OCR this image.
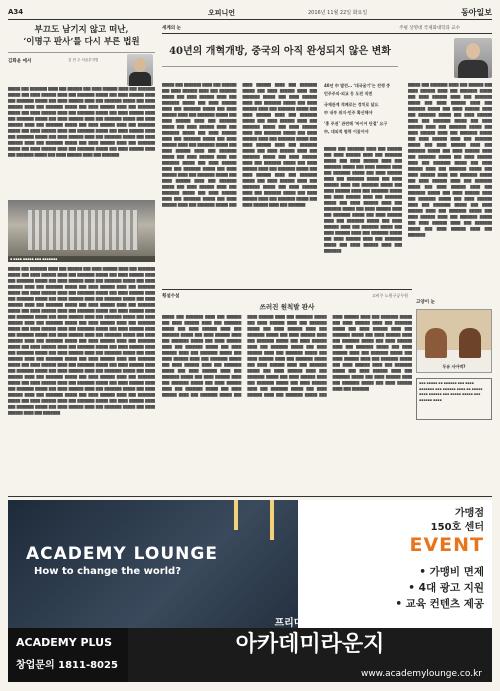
A34	오피니언	2016년 11월 22일 화요일	동아일보
부끄도 남기지 않고 떠난,
‘이명구 판사’를 다시 부른 법원
김화윤 에서	김 현 주 서울부지법
█████ ███ ███████ ████ ███ ██████ ███ ████ ██████ ████ ███ ███████ █████ ███ ████ ██████ ████ ███ ███████ █████ ███ ████ ██████ ████ ███ ███████ █████ ███ ████ ██████ ████ ███ ███████ █████ ███ ████ ██████ ████ ███ ███████ █████ ███ ████ ██████ ████ ███ ███████ █████ ███ ████ ██████ ████ ███ ███████ █████ ███ ████ ██████ ████ ███ ███████ █████ ███ ████ ██████ ████ ███ ███████ █████ ███ ████ ██████ ████ ███ ███████ █████ ███ ████ ██████ ████ ███ ███████ █████ ███ ████ ██████ ████ ███ ███████ █████ ███ ████ ██████ ████ ███ ███████ █████ ███ ████ ██████ ████ ███ ███████ █████ ███ ████ ██████ ████ ███ ███████ █████ ███ ████ ██████ ████ ███ ███████ █████ ███ ████ ██████ ████ ███ ███████ █████ ███ ████ ██████ ████ ███ ███████ █████ ███ ████ ██████ ████ ███ ███████
▪ ▪▪▪▪ ▪▪▪▪▪ ▪▪▪ ▪▪▪▪▪▪▪
█████ ███ ███████ ████ ███ ██████ ███ ████ ██████ ████ ███ ███████ █████ ███ ████ ██████ ████ ███ ███████ █████ ███ ████ ██████ ████ ███ ███████ █████ ███ ████ ██████ ████ ███ ███████ █████ ███ ████ ██████ ████ ███ ███████ █████ ███ ████ ██████ ████ ███ ███████ █████ ███ ████ ██████ ████ ███ ███████ █████ ███ ████ ██████ ████ ███ ███████ █████ ███ ████ ██████ ████ ███ ███████ █████ ███ ████ ██████ ████ ███ ███████ █████ ███ ████ ██████ ████ ███ ███████ █████ ███ ████ ██████ ████ ███ ███████ █████ ███ ████ ██████ ████ ███ ███████ █████ ███ ████ ██████ ████ ███ ███████ █████ ███ ████ ██████ ████ ███ ███████ █████ ███ ████ ██████ ████ ███ ███████ █████ ███ ████ ██████ ████ ███ ███████ █████ ███ ████ ██████ ████ ███ ███████ █████ ███ ████ ██████ ████ ███ ███████ █████ ███ ████ ██████ ████ ███ ███████ █████ ███ ████ ██████ ████ ███ ███████ █████ ███ ████ ██████ ████ ███ ███████ █████ ███ ████ ██████ ████ ███ ███████ █████ ███ ████ ██████ ████ ███ ███████ █████ ███ ████ ██████ ████ ███ ███████ █████ ███ ████ ██████ ████ ███ ███████ █████ ███ ████ ██████ ████ ███ ███████ █████ ███ ████ ██████ ████ ███ ███████ █████ ███ ████ ██████ ████ ███ ███████ █████ ███ ████ ██████ ████ ███ ███████ █████ ███ ████ ██████ ████ ███ ███████ █████ ███ ████ ██████ ████ ███ ███████ █████ ███ ████ ██████ ████ ███ ███████ █████ ███ ████ ██████ ████ ███ ███████ █████ ███ ████ ██████ ████ ███ ███████ █████ ███ ████ ██████ ████ ███ ███████ █████ ███ ████ ██████ ████ ███ ███████ █████ ███ ████ ██████ ████ ███ ███████ █████ ███ ████ ██████ ████ ███ ███████ █████ ███ ████ ██████ ████ ███ ███████
세계의 눈	주평 상명대 국제화대학과 교수
40년의 개혁개방, 중국의 아직 완성되지 않은 변화
█████ ███ ███████ ████ ███ ██████ ███ ████ ██████ ████ ███ ███████ █████ ███ ████ ██████ ████ ███ ███████ █████ ███ ████ ██████ ████ ███ ███████ █████ ███ ████ ██████ ████ ███ ███████ █████ ███ ████ ██████ ████ ███ ███████ █████ ███ ████ ██████ ████ ███ ███████ █████ ███ ████ ██████ ████ ███ ███████ █████ ███ ████ ██████ ████ ███ ███████ █████ ███ ████ ██████ ████ ███ ███████ █████ ███ ████ ██████ ████ ███ ███████ █████ ███ ████ ██████ ████ ███ ███████ █████ ███ ████ ██████ ████ ███ ███████ █████ ███ ████ ██████ ████ ███ ███████ █████ ███ ████ ██████ ████ ███ ███████ █████ ███ ████ ██████ ████ ███ ███████ █████ ███ ████ ██████ ████ ███ ███████ █████ ███ ████ ██████ ████ ███ ███████ █████ ███ ████ ██████ ████ ███ ███████ █████ ███ ████ ██████ ████ ███ ███████ █████ ███ ████ ██████ ████ ███ ███████ █████ ███ ████ ██████ ████ ███ ███████ █████ ███ ████ ██████ ████ ███ ███████ █████ ███ ████ ██████ ████ ███ ███████ █████ ███ ████ ██████ ████ ███ ███████ █████ ███ ████ ██████ ████ ███ ███████ █████ ███ ████ ██████ ████ ███ ███████ █████ ███ ████ ██████ ████ ███ ███████ █████ ███ ████ ██████ ████ ███ ███████ █████ ███ ████ ██████ ████ ███ ███████ █████ ███ ████ ██████ ████ ███ ███████ █████ ███ ████ ██████ ████ ███ ███████ █████ ███ ████ ██████ ████ ███ ███████ █████ ███ ████ ██████ ████ ███ ███████
40년 中 발전… ‘대국굴기’는 전쟁 중
민주주의·외교 등 도전 직면
국제관계 격폐로는 정치로 달요
中 내부 위지·민주 확산해야
‘홍 주권’ 관련해 ‘바이어 단결’ 요구
中, 대외적 협력 이끌어야
█████ ███ ███████ ████ ███ ██████ ███ ████ ██████ ████ ███ ███████ █████ ███ ████ ██████ ████ ███ ███████ █████ ███ ████ ██████ ████ ███ ███████ █████ ███ ████ ██████ ████ ███ ███████ █████ ███ ████ ██████ ████ ███ ███████ █████ ███ ████ ██████ ████ ███ ███████ █████ ███ ████ ██████ ████ ███ ███████ █████ ███ ████ ██████ ████ ███ ███████ █████ ███ ████ ██████ ████ ███ ███████ █████ ███ ████ ██████ ████ ███ ███████ █████ ███ ████ ██████ ████ ███ ███████ █████ ███ ████ ██████ ████ ███ ███████ █████ ███ ████ ██████ ████ ███ ███████ █████ ███ ████ ██████ ████ ███ ███████
█████ ███ ███████ ████ ███ ██████ ███ ████ ██████ ████ ███ ███████ █████ ███ ████ ██████ ████ ███ ███████ █████ ███ ████ ██████ ████ ███ ███████ █████ ███ ████ ██████ ████ ███ ███████ █████ ███ ████ ██████ ████ ███ ███████ █████ ███ ████ ██████ ████ ███ ███████ █████ ███ ████ ██████ ████ ███ ███████ █████ ███ ████ ██████ ████ ███ ███████ █████ ███ ████ ██████ ████ ███ ███████ █████ ███ ████ ██████ ████ ███ ███████ █████ ███ ████ ██████ ████ ███ ███████ █████ ███ ████ ██████ ████ ███ ███████ █████ ███ ████ ██████ ████ ███ ███████ █████ ███ ████ ██████ ████ ███ ███████ █████ ███ ████ ██████ ████ ███ ███████ █████ ███ ████ ██████ ████ ███ ███████ █████ ███ ████ ██████ ████ ███ ███████ █████ ███ ████ ██████ ████ ███ ███████ █████ ███ ████ ██████ ████ ███ ███████ █████ ███ ████ ██████ ████ ███ ███████ █████ ███ ████ ██████ ████ ███ ███████
횡설수설	고비주 노원구공무원
쓰러진 원칙발 판사
█████ ███ ███████ ████ ███ ██████ ███ ████ ██████ ████ ███ ███████ █████ ███ ████ ██████ ████ ███ ███████ █████ ███ ████ ██████ ████ ███ ███████ █████ ███ ████ ██████ ████ ███ ███████ █████ ███ ████ ██████ ████ ███ ███████ █████ ███ ████ ██████ ████ ███ ███████ █████ ███ ████ ██████ ████ ███ ███████ █████ ███ ████ ██████ ████ ███ ███████ █████ ███ ████ ██████ ████ ███ ███████ █████ ███ ████ ██████ ████ ███ ███████ █████ ███ ████ ██████ ████ ███ ███████ █████ ███ ████ ██████ ████ ███ ███████ █████ ███ ████ ██████ ████ ███ ███████ █████ ███ ████ ██████ ████ ███ ███████ █████ ███ ████ ██████ ████ ███ ███████ █████ ███ ████ ██████ ████ ███ ███████ █████ ███ ████ ██████ ████ ███ ███████ █████ ███ ████ ██████ ████ ███ ███████ █████ ███ ████ ██████ ████ ███ ███████ █████ ███ ████ ██████ ████ ███ ███████ █████ ███ ████ ██████ ████ ███ ███████ █████ ███ ████ ██████ ████ ███ ███████ █████ ███ ████ ██████ ████ ███ ███████ █████ ███ ████ ██████ ████ ███ ███████ █████ ███ ████ ██████ ████ ███ ███████ █████ ███ ████ ██████ ████ ███ ███████ █████ ███ ████ ██████ ████ ███ ███████ █████ ███ ████ ██████ ████ ███ ███████ █████ ███ ████ ██████ ████ ███ ███████ █████ ███ ████ ██████ ████ ███ ███████ █████ ███ ████ ██████ ████ ███ ███████ █████ ███ ████ ██████ ████ ███ ███████ █████ ███ ████ ██████ ████ ███ ███████ █████ ███ ████ ██████ ████ ███ ███████
고양이 눈
두유 사아먹?
▪▪▪ ▪▪▪▪▪ ▪▪ ▪▪▪▪▪▪ ▪▪▪ ▪▪▪▪ ▪▪▪▪▪▪▪ ▪▪▪ ▪▪▪▪▪▪ ▪▪▪▪ ▪▪ ▪▪▪▪▪ ▪▪▪▪ ▪▪▪▪▪▪ ▪▪▪ ▪▪▪▪▪ ▪▪▪▪▪ ▪▪▪ ▪▪▪▪▪▪ ▪▪▪▪
ACADEMY LOUNGE
How to change the world?
가맹점
150호 센터
EVENT
• 가맹비 면제
• 4대 광고 지원
• 교육 컨텐츠 제공
ACADEMY PLUS
창업문의 1811-8025
프리미엄 독서실
아카데미라운지
www.academylounge.co.kr
